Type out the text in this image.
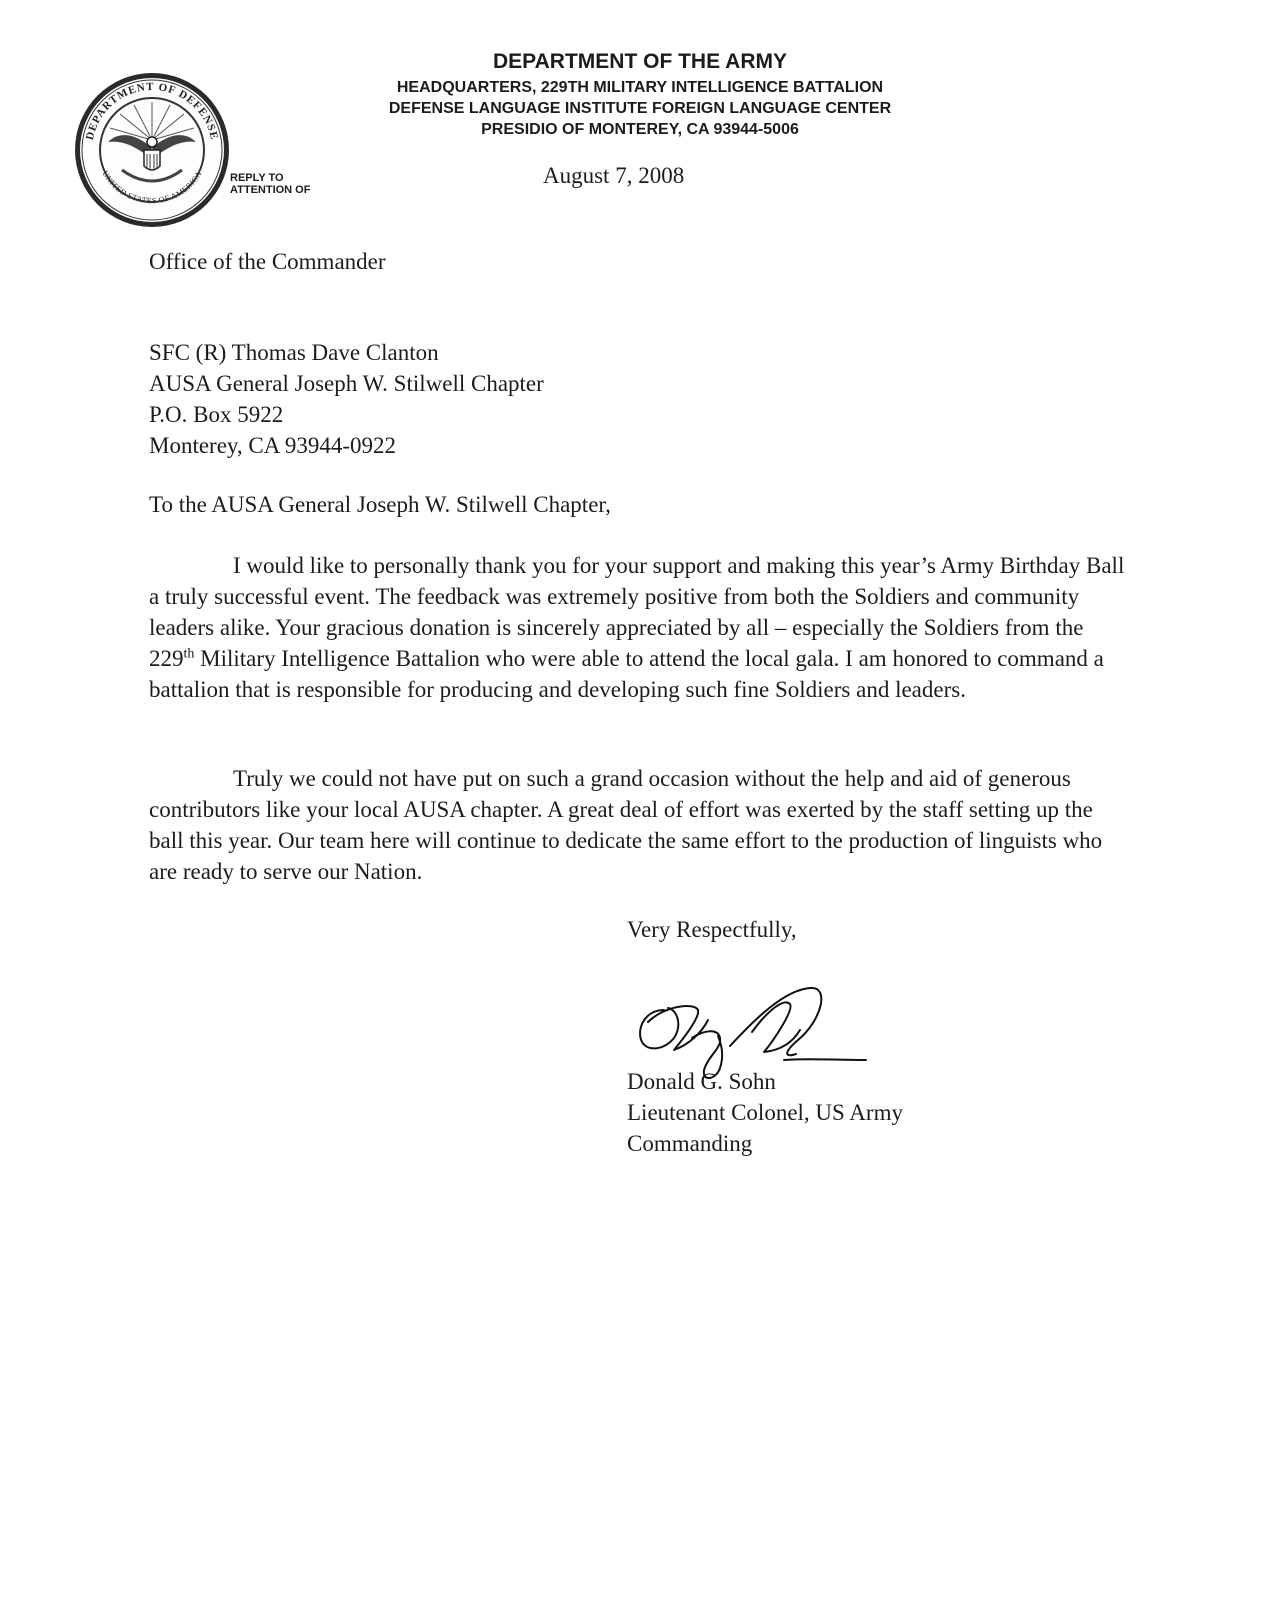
DEPARTMENT OF DEFENSE
UNITED STATES OF AMERICA
DEPARTMENT OF THE ARMY
HEADQUARTERS, 229TH MILITARY INTELLIGENCE BATTALION
DEFENSE LANGUAGE INSTITUTE FOREIGN LANGUAGE CENTER
PRESIDIO OF MONTEREY, CA 93944-5006
REPLY TO
ATTENTION OF
August 7, 2008
Office of the Commander
SFC (R) Thomas Dave Clanton
AUSA General Joseph W. Stilwell Chapter
P.O. Box 5922
Monterey, CA 93944-0922
To the AUSA General Joseph W. Stilwell Chapter,
I would like to personally thank you for your support and making this year’s Army Birthday Ball a truly successful event. The feedback was extremely positive from both the Soldiers and community leaders alike. Your gracious donation is sincerely appreciated by all – especially the Soldiers from the 229th Military Intelligence Battalion who were able to attend the local gala. I am honored to command a battalion that is responsible for producing and developing such fine Soldiers and leaders.
Truly we could not have put on such a grand occasion without the help and aid of generous contributors like your local AUSA chapter. A great deal of effort was exerted by the staff setting up the ball this year. Our team here will continue to dedicate the same effort to the production of linguists who are ready to serve our Nation.
Very Respectfully,
Donald G. Sohn
Lieutenant Colonel, US Army
Commanding
